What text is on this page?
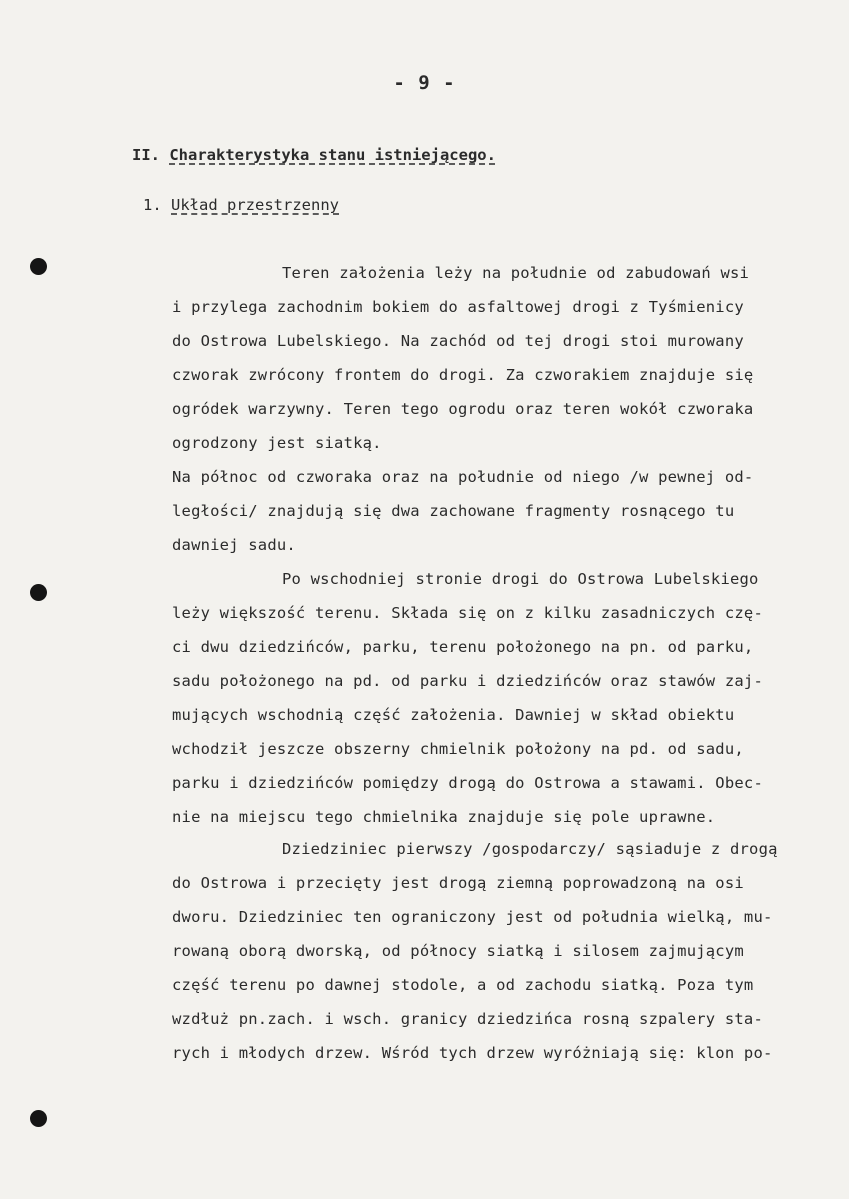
- 9 -
II. Charakterystyka stanu istniejącego.
1. Układ przestrzenny
Teren założenia leży na południe od zabudowań wsi
i przylega zachodnim bokiem do asfaltowej drogi z Tyśmienicy
do Ostrowa Lubelskiego. Na zachód od tej drogi stoi murowany
czworak zwrócony frontem do drogi. Za czworakiem znajduje się
ogródek warzywny. Teren tego ogrodu oraz teren wokół czworaka
ogrodzony jest siatką.
Na północ od czworaka oraz na południe od niego /w pewnej od-
ległości/ znajdują się dwa zachowane fragmenty rosnącego tu
dawniej sadu.
Po wschodniej stronie drogi do Ostrowa Lubelskiego
leży większość terenu. Składa się on z kilku zasadniczych czę-
ci dwu dziedzińców, parku, terenu położonego na pn. od parku,
sadu położonego na pd. od parku i dziedzińców oraz stawów zaj-
mujących wschodnią część założenia. Dawniej w skład obiektu
wchodził jeszcze obszerny chmielnik położony na pd. od sadu,
parku i dziedzińców pomiędzy drogą do Ostrowa a stawami. Obec-
nie na miejscu tego chmielnika znajduje się pole uprawne.
Dziedziniec pierwszy /gospodarczy/ sąsiaduje z drogą
do Ostrowa i przecięty jest drogą ziemną poprowadzoną na osi
dworu. Dziedziniec ten ograniczony jest od południa wielką, mu-
rowaną oborą dworską, od północy siatką i silosem zajmującym
część terenu po dawnej stodole, a od zachodu siatką. Poza tym
wzdłuż pn.zach. i wsch. granicy dziedzińca rosną szpalery sta-
rych i młodych drzew. Wśród tych drzew wyróżniają się: klon po-
